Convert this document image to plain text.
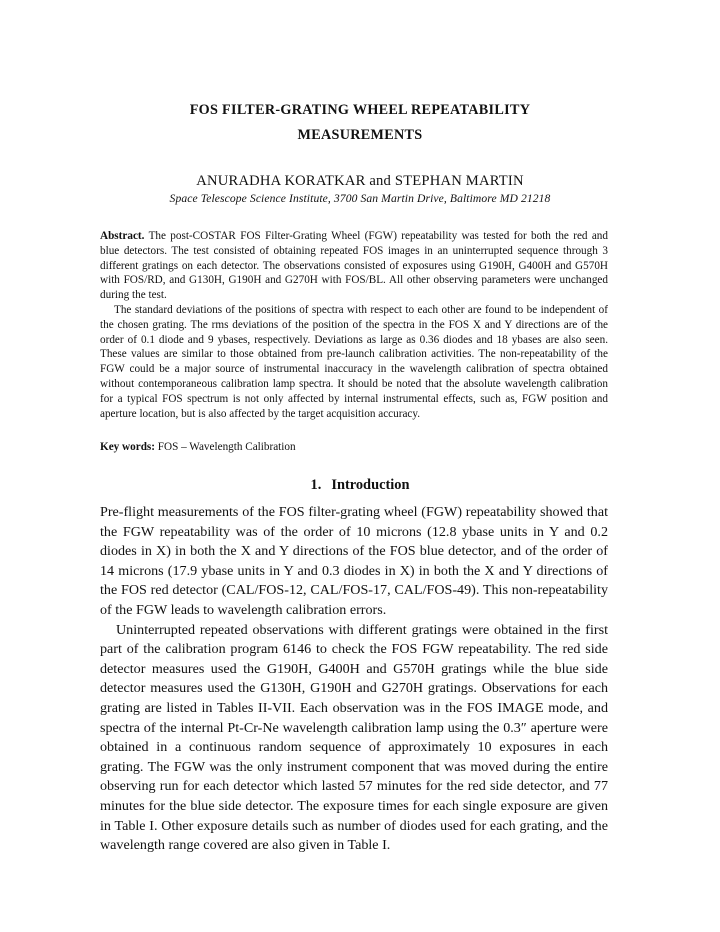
FOS FILTER-GRATING WHEEL REPEATABILITY
MEASUREMENTS
ANURADHA KORATKAR and STEPHAN MARTIN
Space Telescope Science Institute, 3700 San Martin Drive, Baltimore MD 21218

Abstract. The post-COSTAR FOS Filter-Grating Wheel (FGW) repeatability was tested for both the red and blue detectors. The test consisted of obtaining repeated FOS images in an uninterrupted sequence through 3 different gratings on each detector. The observations consisted of exposures using G190H, G400H and G570H with FOS/RD, and G130H, G190H and G270H with FOS/BL. All other observing parameters were unchanged during the test.

The standard deviations of the positions of spectra with respect to each other are found to be independent of the chosen grating. The rms deviations of the position of the spectra in the FOS X and Y directions are of the order of 0.1 diode and 9 ybases, respectively. Deviations as large as 0.36 diodes and 18 ybases are also seen. These values are similar to those obtained from pre-launch calibration activities. The non-repeatability of the FGW could be a major source of instrumental inaccuracy in the wavelength calibration of spectra obtained without contemporaneous calibration lamp spectra. It should be noted that the absolute wavelength calibration for a typical FOS spectrum is not only affected by internal instrumental effects, such as, FGW position and aperture location, but is also affected by the target acquisition accuracy.

Key words: FOS – Wavelength Calibration
1. Introduction

Pre-flight measurements of the FOS filter-grating wheel (FGW) repeatability showed that the FGW repeatability was of the order of 10 microns (12.8 ybase units in Y and 0.2 diodes in X) in both the X and Y directions of the FOS blue detector, and of the order of 14 microns (17.9 ybase units in Y and 0.3 diodes in X) in both the X and Y directions of the FOS red detector (CAL/FOS-12, CAL/FOS-17, CAL/FOS-49). This non-repeatability of the FGW leads to wavelength calibration errors.

Uninterrupted repeated observations with different gratings were obtained in the first part of the calibration program 6146 to check the FOS FGW repeatability. The red side detector measures used the G190H, G400H and G570H gratings while the blue side detector measures used the G130H, G190H and G270H gratings. Observations for each grating are listed in Tables II-VII. Each observation was in the FOS IMAGE mode, and spectra of the internal Pt-Cr-Ne wavelength calibration lamp using the 0.3″ aperture were obtained in a continuous random sequence of approximately 10 exposures in each grating. The FGW was the only instrument component that was moved during the entire observing run for each detector which lasted 57 minutes for the red side detector, and 77 minutes for the blue side detector. The exposure times for each single exposure are given in Table I. Other exposure details such as number of diodes used for each grating, and the wavelength range covered are also given in Table I.
